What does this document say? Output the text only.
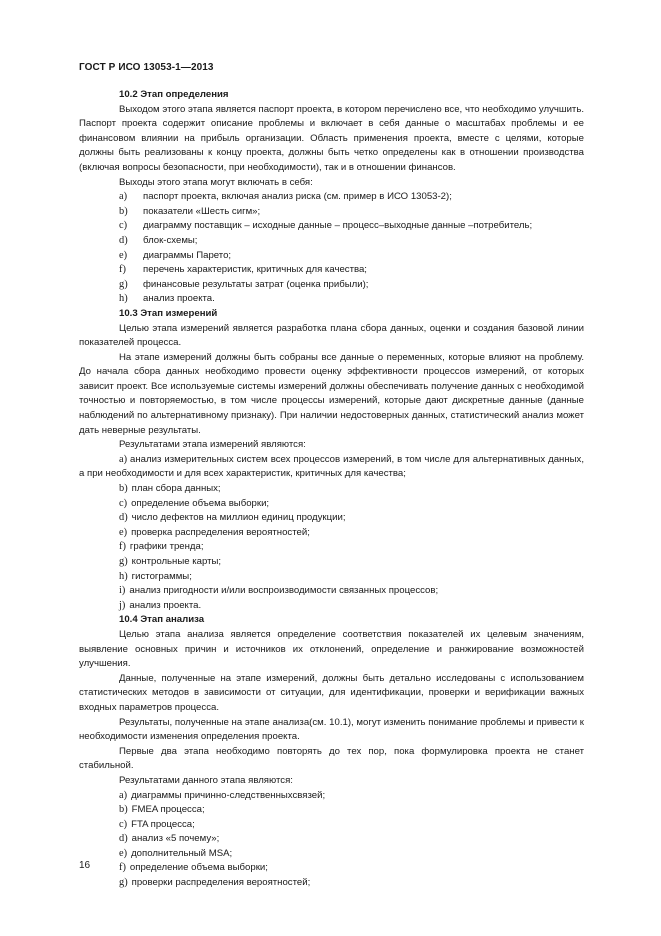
ГОСТ Р ИСО 13053-1—2013
10.2 Этап определения
Выходом этого этапа является паспорт проекта, в котором перечислено все, что необходимо улучшить. Паспорт проекта содержит описание проблемы и включает в себя данные о масштабах проблемы и ее финансовом влиянии на прибыль организации. Область применения проекта, вместе с целями, которые должны быть реализованы к концу проекта, должны быть четко определены как в отношении производства (включая вопросы безопасности, при необходимости), так и в отношении финансов.
Выходы этого этапа могут включать в себя:
a)	паспорт проекта, включая анализ риска (см. пример в ИСО 13053-2);
b)	показатели «Шесть сигм»;
c)	диаграмму поставщик – исходные данные – процесс–выходные данные –потребитель;
d)	блок-схемы;
e)	диаграммы Парето;
f)	перечень характеристик, критичных для качества;
g)	финансовые результаты затрат (оценка прибыли);
h)	анализ проекта.
10.3 Этап измерений
Целью этапа измерений является разработка плана сбора данных, оценки и создания базовой линии показателей процесса.
На этапе измерений должны быть собраны все данные о переменных, которые влияют на проблему. До начала сбора данных необходимо провести оценку эффективности процессов измерений, от которых зависит проект. Все используемые системы измерений должны обеспечивать получение данных с необходимой точностью и повторяемостью, в том числе процессы измерений, которые дают дискретные данные (данные наблюдений по альтернативному признаку). При наличии недостоверных данных, статистический анализ может дать неверные результаты.
Результатами этапа измерений являются:
a) анализ измерительных систем всех процессов измерений, в том числе для альтернативных данных, а при необходимости и для всех характеристик, критичных для качества;
b) план сбора данных;
c) определение объема выборки;
d) число дефектов на миллион единиц продукции;
e) проверка распределения вероятностей;
f) графики тренда;
g) контрольные карты;
h) гистограммы;
i) анализ пригодности и/или воспроизводимости связанных процессов;
j) анализ проекта.
10.4 Этап анализа
Целью этапа анализа является определение соответствия показателей их целевым значениям, выявление основных причин и источников их отклонений, определение и ранжирование возможностей улучшения.
Данные, полученные на этапе измерений, должны быть детально исследованы с использованием статистических методов в зависимости от ситуации, для идентификации, проверки и верификации важных входных параметров процесса.
Результаты, полученные на этапе анализа(см. 10.1), могут изменить понимание проблемы и привести к необходимости изменения определения проекта.
Первые два этапа необходимо повторять до тех пор, пока формулировка проекта не станет стабильной.
Результатами данного этапа являются:
a) диаграммы причинно-следственныхсвязей;
b) FMEA процесса;
c) FTA процесса;
d) анализ «5 почему»;
e) дополнительный MSA;
f) определение объема выборки;
g) проверки распределения вероятностей;
16
